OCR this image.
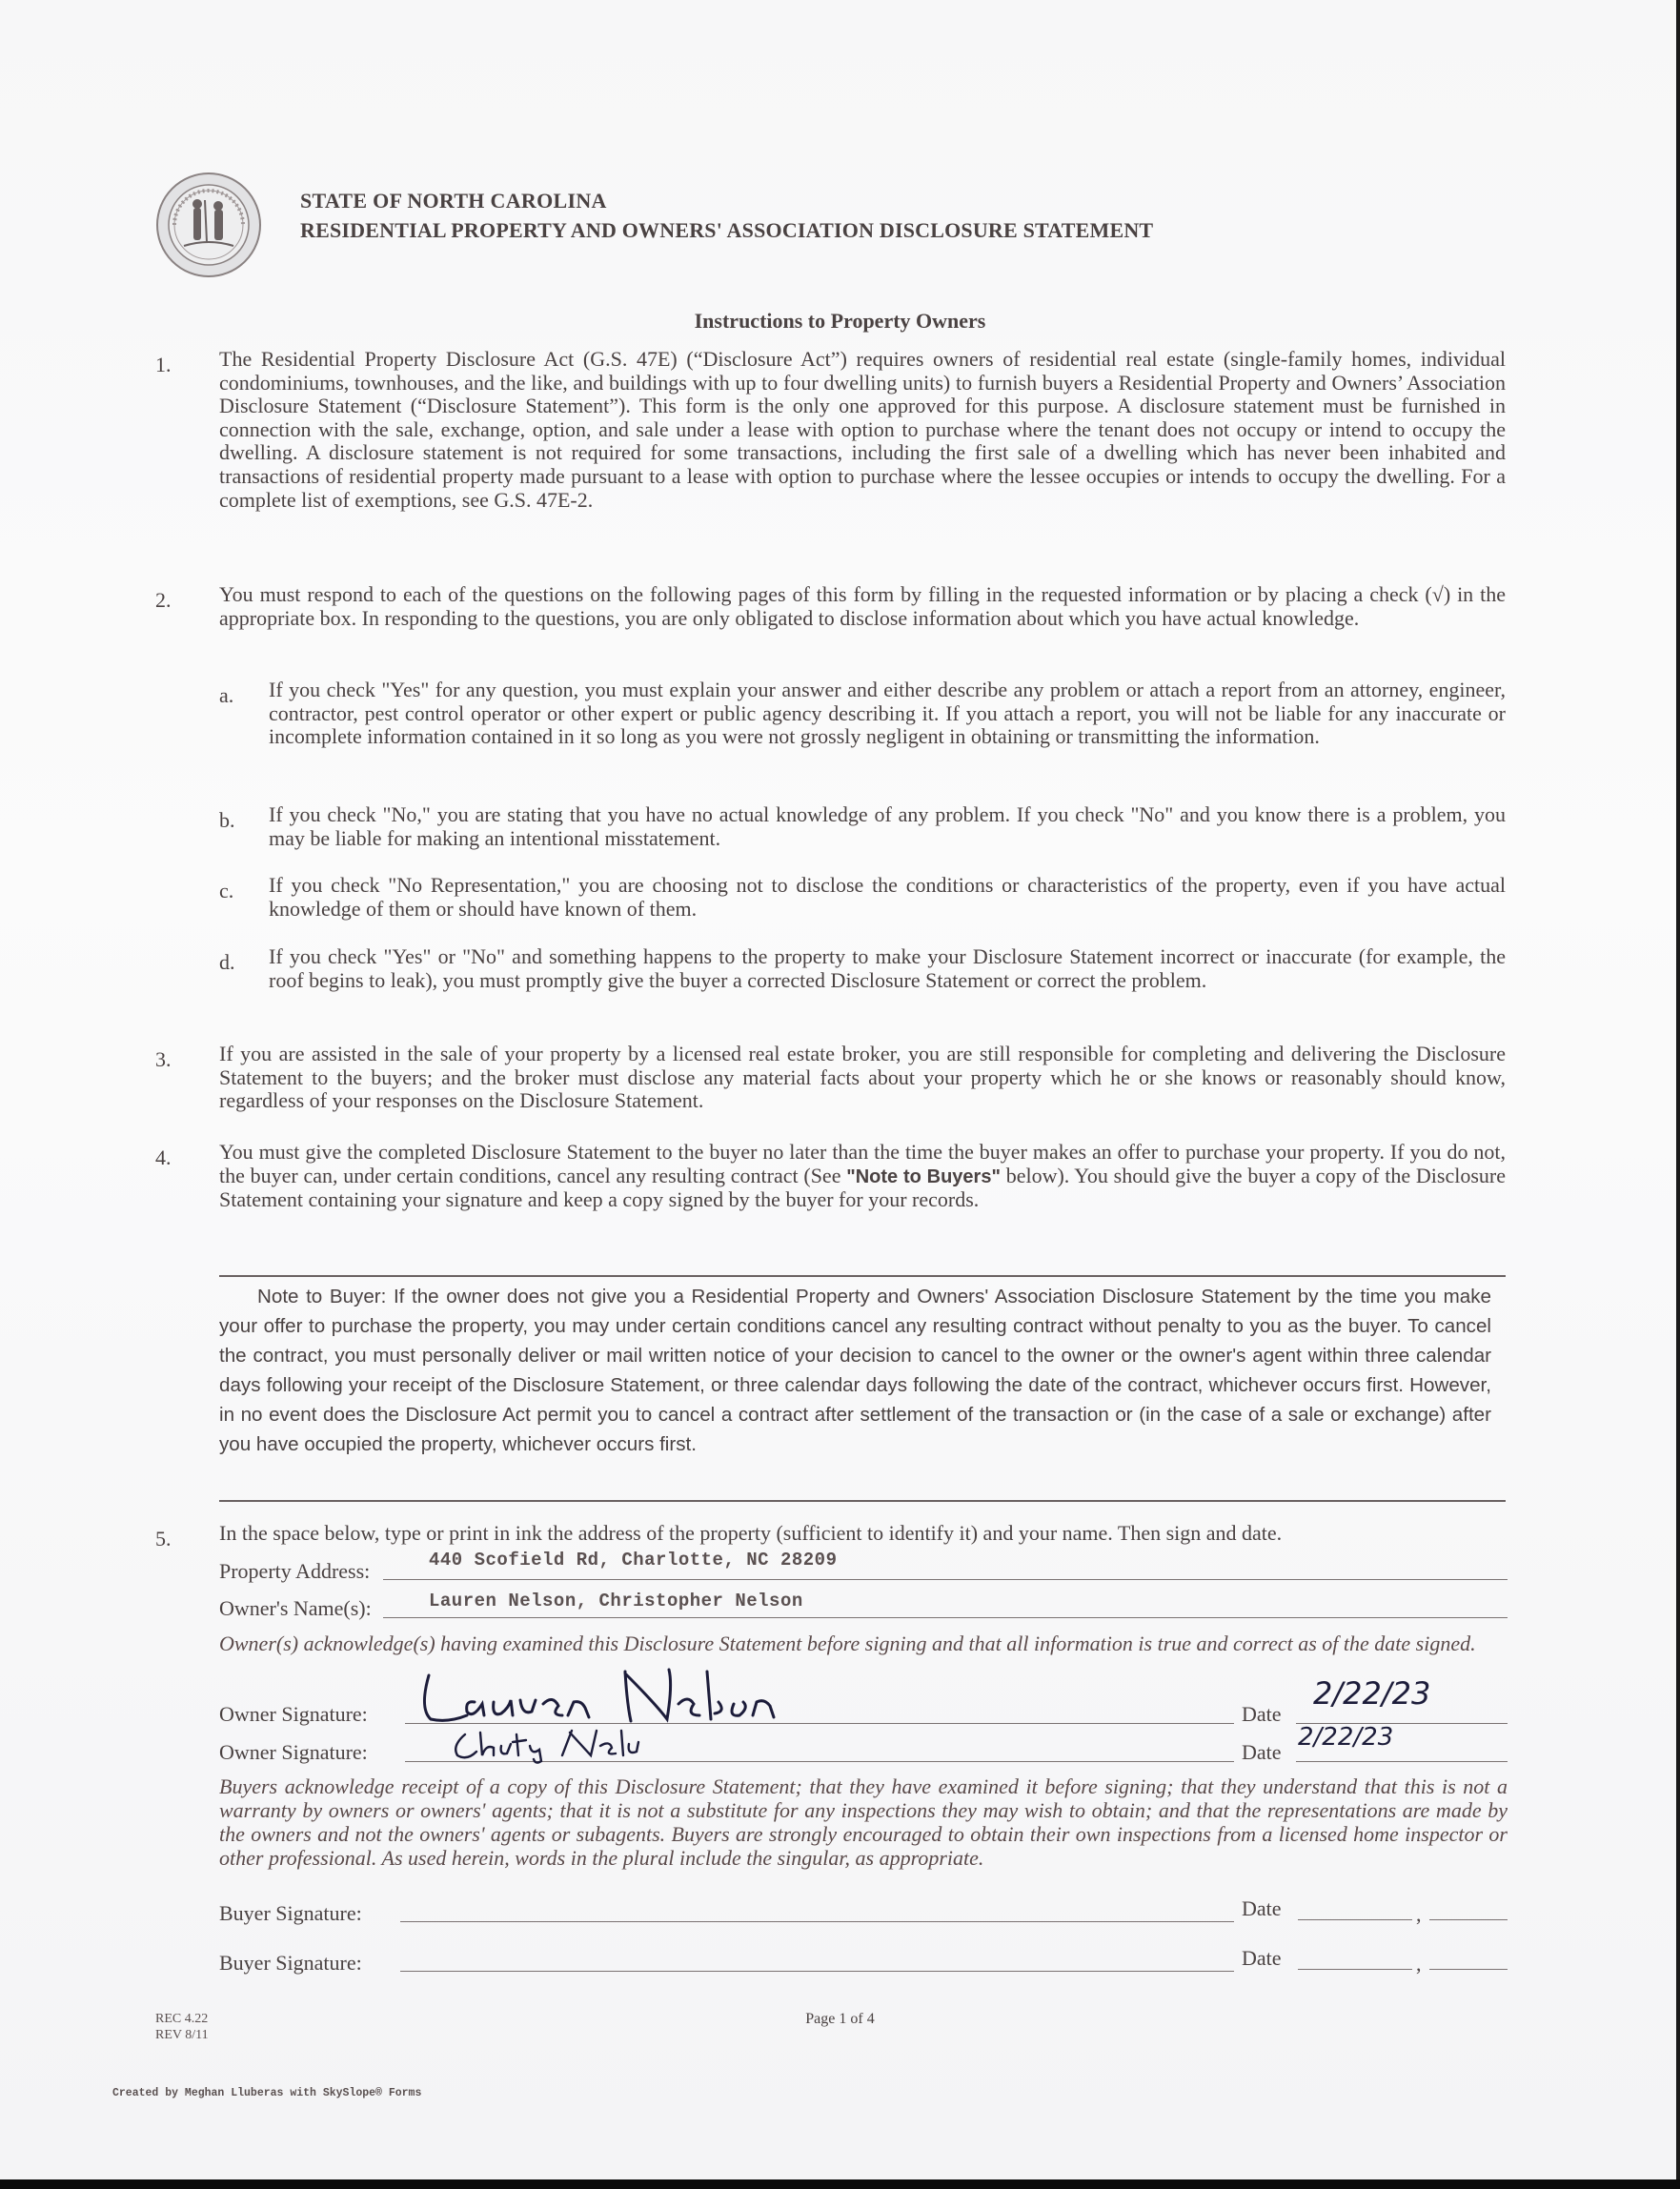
STATE OF NORTH CAROLINA
RESIDENTIAL PROPERTY AND OWNERS' ASSOCIATION DISCLOSURE STATEMENT
Instructions to Property Owners
1. The Residential Property Disclosure Act (G.S. 47E) (“Disclosure Act”) requires owners of residential real estate (single-family homes, individual condominiums, townhouses, and the like, and buildings with up to four dwelling units) to furnish buyers a Residential Property and Owners’ Association Disclosure Statement (“Disclosure Statement”). This form is the only one approved for this purpose. A disclosure statement must be furnished in connection with the sale, exchange, option, and sale under a lease with option to purchase where the tenant does not occupy or intend to occupy the dwelling. A disclosure statement is not required for some transactions, including the first sale of a dwelling which has never been inhabited and transactions of residential property made pursuant to a lease with option to purchase where the lessee occupies or intends to occupy the dwelling. For a complete list of exemptions, see G.S. 47E-2.
2. You must respond to each of the questions on the following pages of this form by filling in the requested information or by placing a check (√) in the appropriate box. In responding to the questions, you are only obligated to disclose information about which you have actual knowledge.
a. If you check "Yes" for any question, you must explain your answer and either describe any problem or attach a report from an attorney, engineer, contractor, pest control operator or other expert or public agency describing it. If you attach a report, you will not be liable for any inaccurate or incomplete information contained in it so long as you were not grossly negligent in obtaining or transmitting the information.
b. If you check "No," you are stating that you have no actual knowledge of any problem. If you check "No" and you know there is a problem, you may be liable for making an intentional misstatement.
c. If you check "No Representation," you are choosing not to disclose the conditions or characteristics of the property, even if you have actual knowledge of them or should have known of them.
d. If you check "Yes" or "No" and something happens to the property to make your Disclosure Statement incorrect or inaccurate (for example, the roof begins to leak), you must promptly give the buyer a corrected Disclosure Statement or correct the problem.
3. If you are assisted in the sale of your property by a licensed real estate broker, you are still responsible for completing and delivering the Disclosure Statement to the buyers; and the broker must disclose any material facts about your property which he or she knows or reasonably should know, regardless of your responses on the Disclosure Statement.
4. You must give the completed Disclosure Statement to the buyer no later than the time the buyer makes an offer to purchase your property. If you do not, the buyer can, under certain conditions, cancel any resulting contract (See "Note to Buyers" below). You should give the buyer a copy of the Disclosure Statement containing your signature and keep a copy signed by the buyer for your records.
Note to Buyer: If the owner does not give you a Residential Property and Owners' Association Disclosure Statement by the time you make your offer to purchase the property, you may under certain conditions cancel any resulting contract without penalty to you as the buyer. To cancel the contract, you must personally deliver or mail written notice of your decision to cancel to the owner or the owner's agent within three calendar days following your receipt of the Disclosure Statement, or three calendar days following the date of the contract, whichever occurs first. However, in no event does the Disclosure Act permit you to cancel a contract after settlement of the transaction or (in the case of a sale or exchange) after you have occupied the property, whichever occurs first.
5. In the space below, type or print in ink the address of the property (sufficient to identify it) and your name. Then sign and date.
Property Address:	440 Scofield Rd, Charlotte, NC 28209
Owner's Name(s):	Lauren Nelson, Christopher Nelson
Owner(s) acknowledge(s) having examined this Disclosure Statement before signing and that all information is true and correct as of the date signed.
Owner Signature:
Lauren Nelson
Date
2/22/23
Owner Signature:
Christopher Nelson
Date
2/22/23
Buyers acknowledge receipt of a copy of this Disclosure Statement; that they have examined it before signing; that they understand that this is not a warranty by owners or owners' agents; that it is not a substitute for any inspections they may wish to obtain; and that the representations are made by the owners and not the owners' agents or subagents. Buyers are strongly encouraged to obtain their own inspections from a licensed home inspector or other professional. As used herein, words in the plural include the singular, as appropriate.
Buyer Signature:	Date	,
Buyer Signature:	Date	,
REC 4.22
REV 8/11
Page 1 of 4
Created by Meghan Lluberas with SkySlope® Forms
